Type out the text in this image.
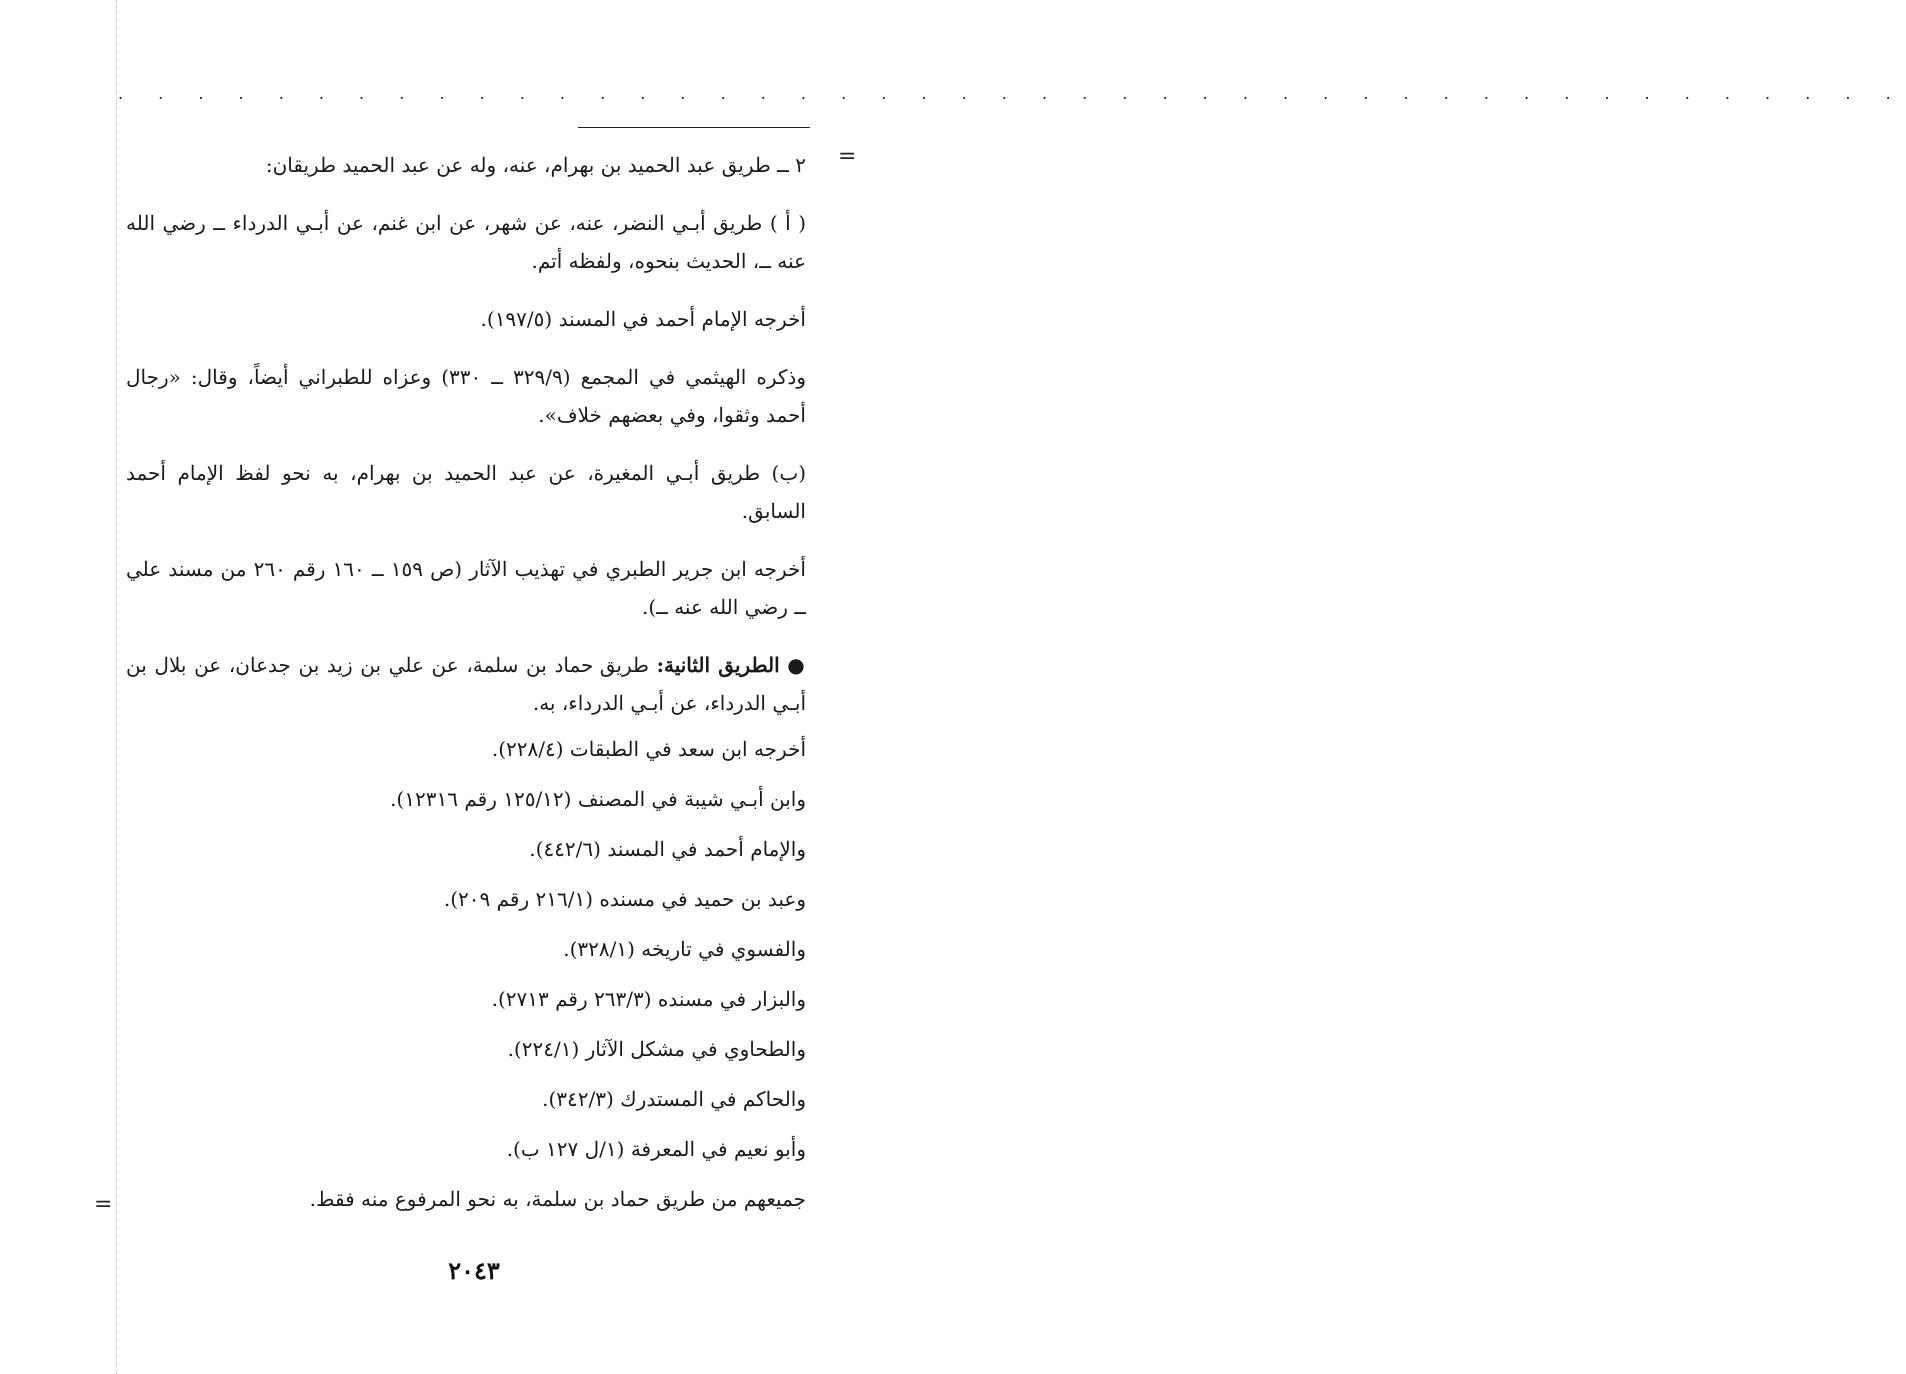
. . . . . . . . . . . . . . . . . . . . . . . . . . . . . . . . . . . . . . . . . . . . .
=
=

٢ ــ طريق عبد الحميد بن بهرام، عنه، وله عن عبد الحميد طريقان:

( أ ) طريق أبـي النضر، عنه، عن شهر، عن ابن غنم، عن أبـي الدرداء ــ رضي الله عنه ــ، الحديث بنحوه، ولفظه أتم.

أخرجه الإمام أحمد في المسند (١٩٧/٥).

وذكره الهيثمي في المجمع (٣٢٩/٩ ــ ٣٣٠) وعزاه للطبراني أيضاً، وقال: «رجال أحمد وثقوا، وفي بعضهم خلاف».

(ب) طريق أبـي المغيرة، عن عبد الحميد بن بهرام، به نحو لفظ الإمام أحمد السابق.

أخرجه ابن جرير الطبري في تهذيب الآثار (ص ١٥٩ ــ ١٦٠ رقم ٢٦٠ من مسند علي ــ رضي الله عنه ــ).

● الطريق الثانية: طريق حماد بن سلمة، عن علي بن زيد بن جدعان، عن بلال بن أبـي الدرداء، عن أبـي الدرداء، به.

أخرجه ابن سعد في الطبقات (٢٢٨/٤).

وابن أبـي شيبة في المصنف (١٢٥/١٢ رقم ١٢٣١٦).

والإمام أحمد في المسند (٤٤٢/٦).

وعبد بن حميد في مسنده (٢١٦/١ رقم ٢٠٩).

والفسوي في تاريخه (٣٢٨/١).

والبزار في مسنده (٢٦٣/٣ رقم ٢٧١٣).

والطحاوي في مشكل الآثار (٢٢٤/١).

والحاكم في المستدرك (٣٤٢/٣).

وأبو نعيم في المعرفة (١/ل ١٢٧ ب).

جميعهم من طريق حماد بن سلمة، به نحو المرفوع منه فقط.

٢٠٤٣
